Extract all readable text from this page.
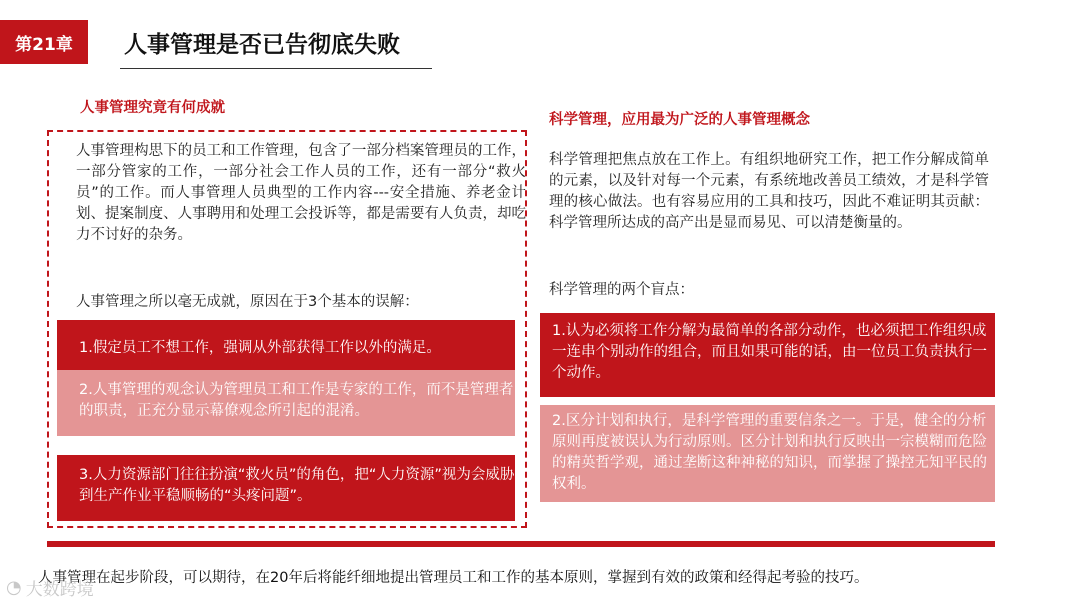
第21章	人事管理是否已告彻底失败
人事管理究竟有何成就
人事管理构思下的员工和工作管理，包含了一部分档案管理员的工作，一部分管家的工作，一部分社会工作人员的工作，还有一部分“救火员”的工作。而人事管理人员典型的工作内容---安全措施、养老金计划、提案制度、人事聘用和处理工会投诉等，都是需要有人负责，却吃力不讨好的杂务。
人事管理之所以毫无成就，原因在于3个基本的误解：
1.假定员工不想工作，强调从外部获得工作以外的满足。
2.人事管理的观念认为管理员工和工作是专家的工作，而不是管理者的职责，正充分显示幕僚观念所引起的混淆。
3.人力资源部门往往扮演“救火员”的角色，把“人力资源”视为会威胁到生产作业平稳顺畅的“头疼问题”。
科学管理，应用最为广泛的人事管理概念
科学管理把焦点放在工作上。有组织地研究工作，把工作分解成简单的元素，以及针对每一个元素，有系统地改善员工绩效，才是科学管理的核心做法。也有容易应用的工具和技巧，因此不难证明其贡献：科学管理所达成的高产出是显而易见、可以清楚衡量的。
科学管理的两个盲点：
1.认为必须将工作分解为最简单的各部分动作，也必须把工作组织成一连串个别动作的组合，而且如果可能的话，由一位员工负责执行一个动作。
2.区分计划和执行，是科学管理的重要信条之一。于是，健全的分析原则再度被误认为行动原则。区分计划和执行反映出一宗模糊而危险的精英哲学观，通过垄断这种神秘的知识，而掌握了操控无知平民的权利。
人事管理在起步阶段，可以期待，在20年后将能纤细地提出管理员工和工作的基本原则，掌握到有效的政策和经得起考验的技巧。
◔ 大数跨境
